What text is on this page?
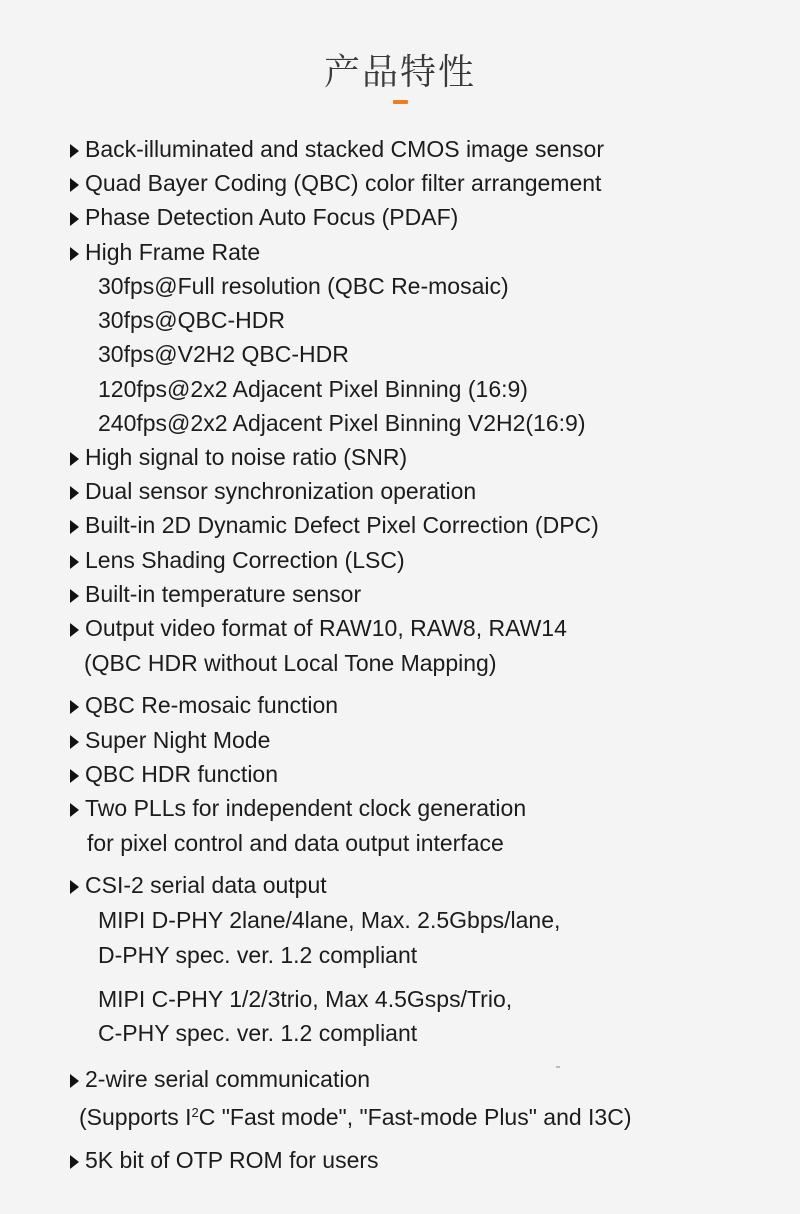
产品特性
Back-illuminated and stacked CMOS image sensor
Quad Bayer Coding (QBC) color filter arrangement
Phase Detection Auto Focus (PDAF)
High Frame Rate
30fps@Full resolution (QBC Re-mosaic)
30fps@QBC-HDR
30fps@V2H2 QBC-HDR
120fps@2x2 Adjacent Pixel Binning (16:9)
240fps@2x2 Adjacent Pixel Binning V2H2(16:9)
High signal to noise ratio (SNR)
Dual sensor synchronization operation
Built-in 2D Dynamic Defect Pixel Correction (DPC)
Lens Shading Correction (LSC)
Built-in temperature sensor
Output video format of RAW10, RAW8, RAW14
(QBC HDR without Local Tone Mapping)
QBC Re-mosaic function
Super Night Mode
QBC HDR function
Two PLLs for independent clock generation
for pixel control and data output interface
CSI-2 serial data output
MIPI D-PHY 2lane/4lane, Max. 2.5Gbps/lane,
D-PHY spec. ver. 1.2 compliant
MIPI C-PHY 1/2/3trio, Max 4.5Gsps/Trio,
C-PHY spec. ver. 1.2 compliant
2-wire serial communication
(Supports $I^2C$ "Fast mode", "Fast-mode Plus" and I3C)
5K bit of OTP ROM for users
